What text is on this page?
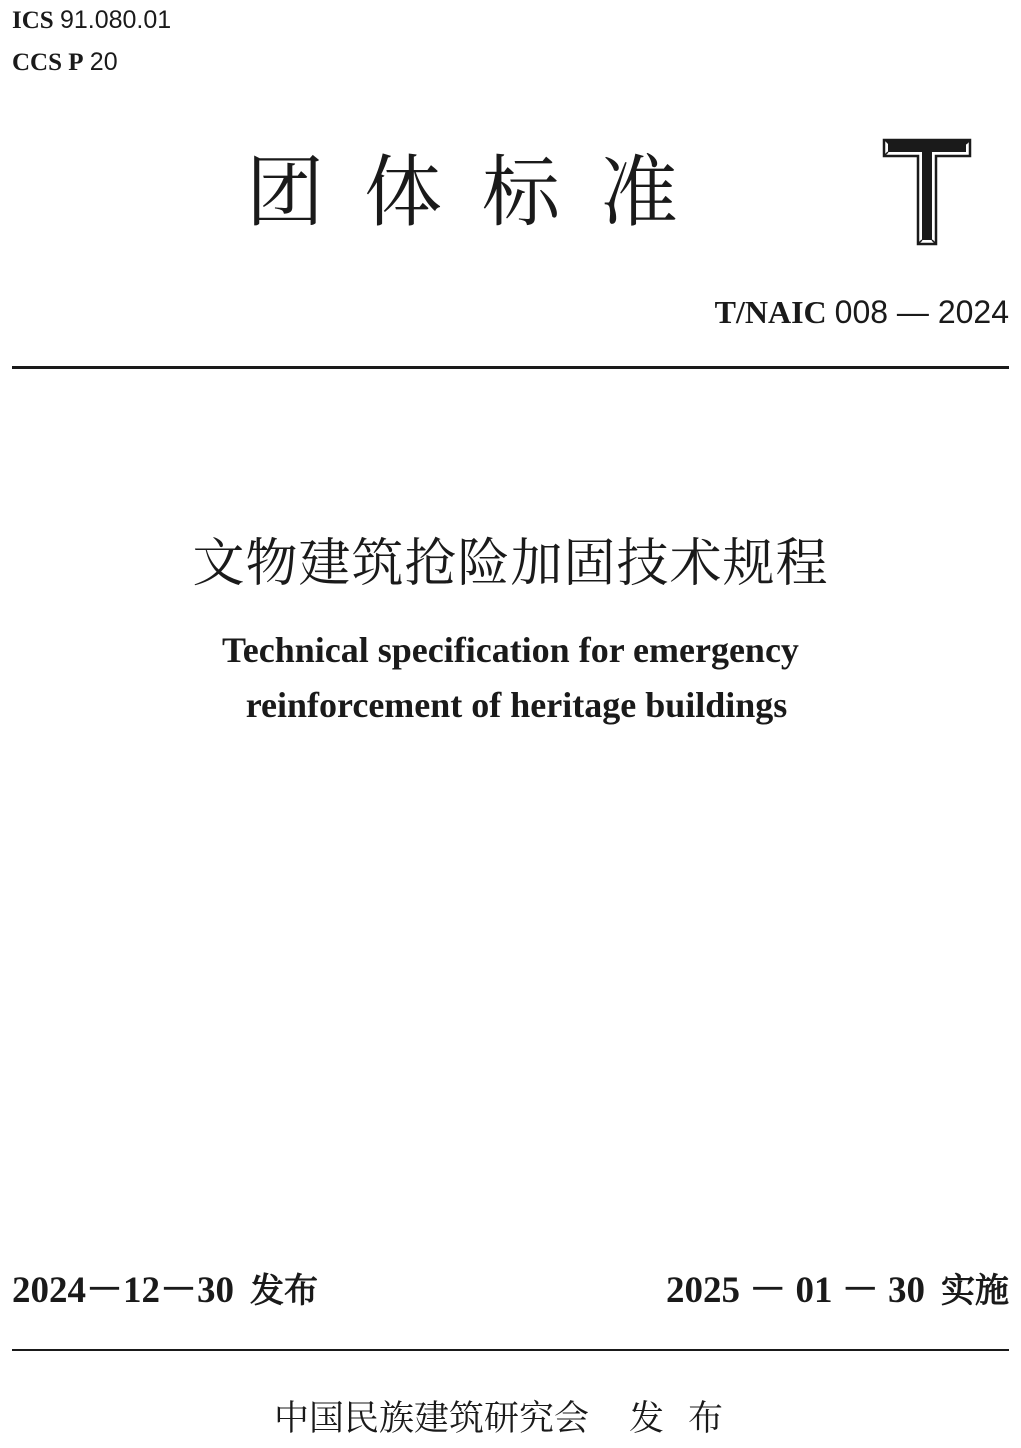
ICS 91.080.01
CCS P 20
团体标准
T/NAIC 008 — 2024
文物建筑抢险加固技术规程
Technical specification for emergency
reinforcement of heritage buildings
2024－12－30 发布	2025 － 01 － 30 实施
中国民族建筑研究会 发布
